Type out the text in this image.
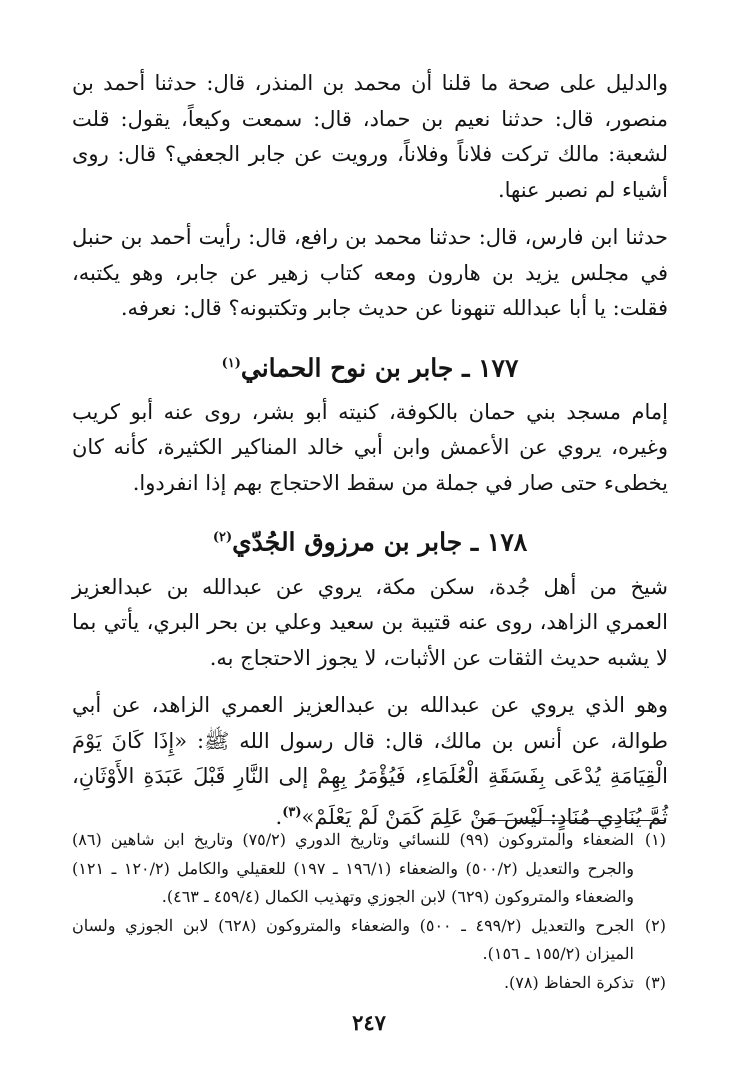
والدليل على صحة ما قلنا أن محمد بن المنذر، قال: حدثنا أحمد بن منصور، قال: حدثنا نعيم بن حماد، قال: سمعت وكيعاً، يقول: قلت لشعبة: مالك تركت فلاناً وفلاناً، ورويت عن جابر الجعفي؟ قال: روى أشياء لم نصبر عنها.

حدثنا ابن فارس، قال: حدثنا محمد بن رافع، قال: رأيت أحمد بن حنبل في مجلس يزيد بن هارون ومعه كتاب زهير عن جابر، وهو يكتبه، فقلت: يا أبا عبدالله تنهونا عن حديث جابر وتكتبونه؟ قال: نعرفه.

١٧٧ ـ جابر بن نوح الحماني$^{(١)}$

إمام مسجد بني حمان بالكوفة، كنيته أبو بشر، روى عنه أبو كريب وغيره، يروي عن الأعمش وابن أبي خالد المناكير الكثيرة، كأنه كان يخطىء حتى صار في جملة من سقط الاحتجاج بهم إذا انفردوا.

١٧٨ ـ جابر بن مرزوق الجُدّي$^{(٢)}$

شيخ من أهل جُدة، سكن مكة، يروي عن عبدالله بن عبدالعزيز العمري الزاهد، روى عنه قتيبة بن سعيد وعلي بن بحر البري، يأتي بما لا يشبه حديث الثقات عن الأثبات، لا يجوز الاحتجاج به.

وهو الذي يروي عن عبدالله بن عبدالعزيز العمري الزاهد، عن أبي طوالة، عن أنس بن مالك، قال: قال رسول الله ﷺ: «إِذَا كَانَ يَوْمَ الْقِيَامَةِ يُدْعَى بِفَسَقَةِ الْعُلَمَاءِ، فَيُؤْمَرُ بِهِمْ إلى النَّارِ قَبْلَ عَبَدَةِ الأَوْثَانِ، ثُمَّ يُنَادِي مُنَادٍ: لَيْسَ مَنْ عَلِمَ كَمَنْ لَمْ يَعْلَمْ»$^{(٣)}$.

(١)
الضعفاء والمتروكون (٩٩) للنسائي وتاريخ الدوري (٧٥/٢) وتاريخ ابن شاهين (٨٦) والجرح والتعديل (٥٠٠/٢) والضعفاء (١٩٦/١ ـ ١٩٧) للعقيلي والكامل (١٢٠/٢ ـ ١٢١) والضعفاء والمتروكون (٦٢٩) لابن الجوزي وتهذيب الكمال (٤٥٩/٤ ـ ٤٦٣).
(٢)
الجرح والتعديل (٤٩٩/٢ ـ ٥٠٠) والضعفاء والمتروكون (٦٢٨) لابن الجوزي ولسان الميزان (١٥٥/٢ ـ ١٥٦).
(٣)
تذكرة الحفاظ (٧٨).
٢٤٧
